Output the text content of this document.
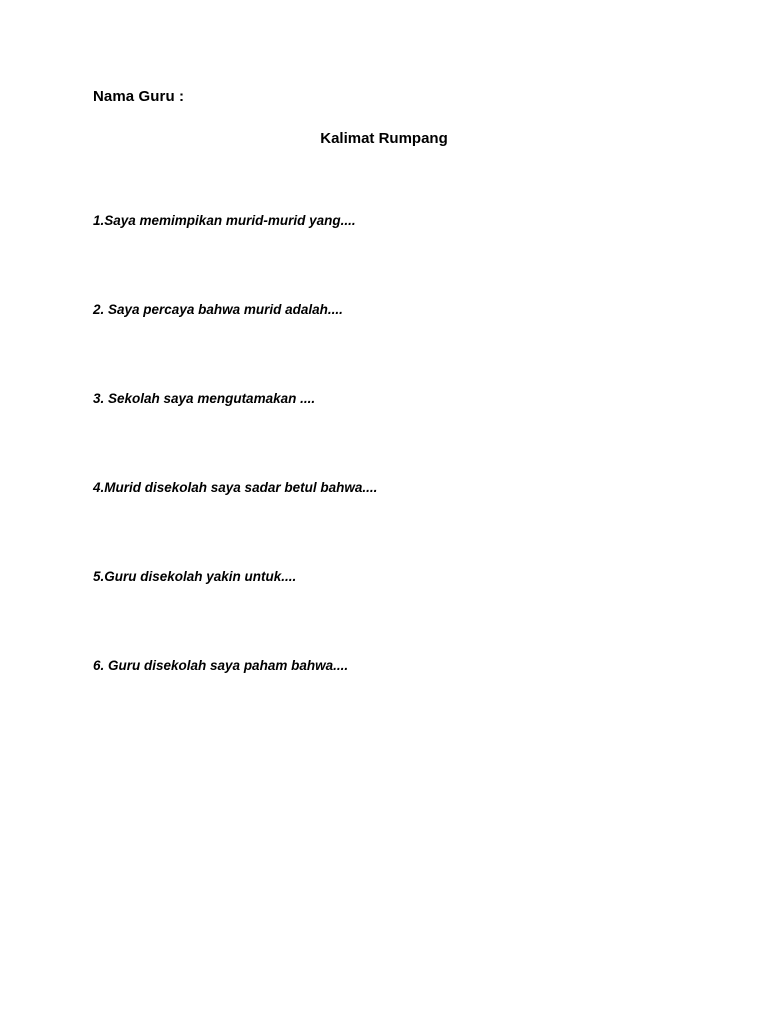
Nama Guru :
Kalimat Rumpang
1.Saya memimpikan murid-murid yang....
2. Saya percaya bahwa murid adalah....
3. Sekolah saya mengutamakan ....
4.Murid disekolah saya sadar betul bahwa....
5.Guru disekolah yakin untuk....
6. Guru disekolah saya paham bahwa....
